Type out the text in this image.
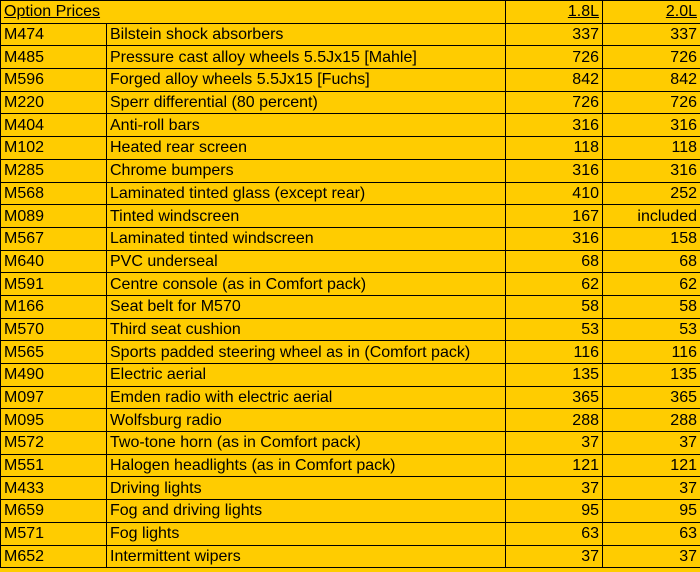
Option Prices		1.8L	2.0L
M474	Bilstein shock absorbers	337	337
M485	Pressure cast alloy wheels 5.5Jx15 [Mahle]	726	726
M596	Forged alloy wheels 5.5Jx15 [Fuchs]	842	842
M220	Sperr differential (80 percent)	726	726
M404	Anti-roll bars	316	316
M102	Heated rear screen	118	118
M285	Chrome bumpers	316	316
M568	Laminated tinted glass (except rear)	410	252
M089	Tinted windscreen	167	included
M567	Laminated tinted windscreen	316	158
M640	PVC underseal	68	68
M591	Centre console (as in Comfort pack)	62	62
M166	Seat belt for M570	58	58
M570	Third seat cushion	53	53
M565	Sports padded steering wheel as in (Comfort pack)	116	116
M490	Electric aerial	135	135
M097	Emden radio with electric aerial	365	365
M095	Wolfsburg radio	288	288
M572	Two-tone horn (as in Comfort pack)	37	37
M551	Halogen headlights (as in Comfort pack)	121	121
M433	Driving lights	37	37
M659	Fog and driving lights	95	95
M571	Fog lights	63	63
M652	Intermittent wipers	37	37
